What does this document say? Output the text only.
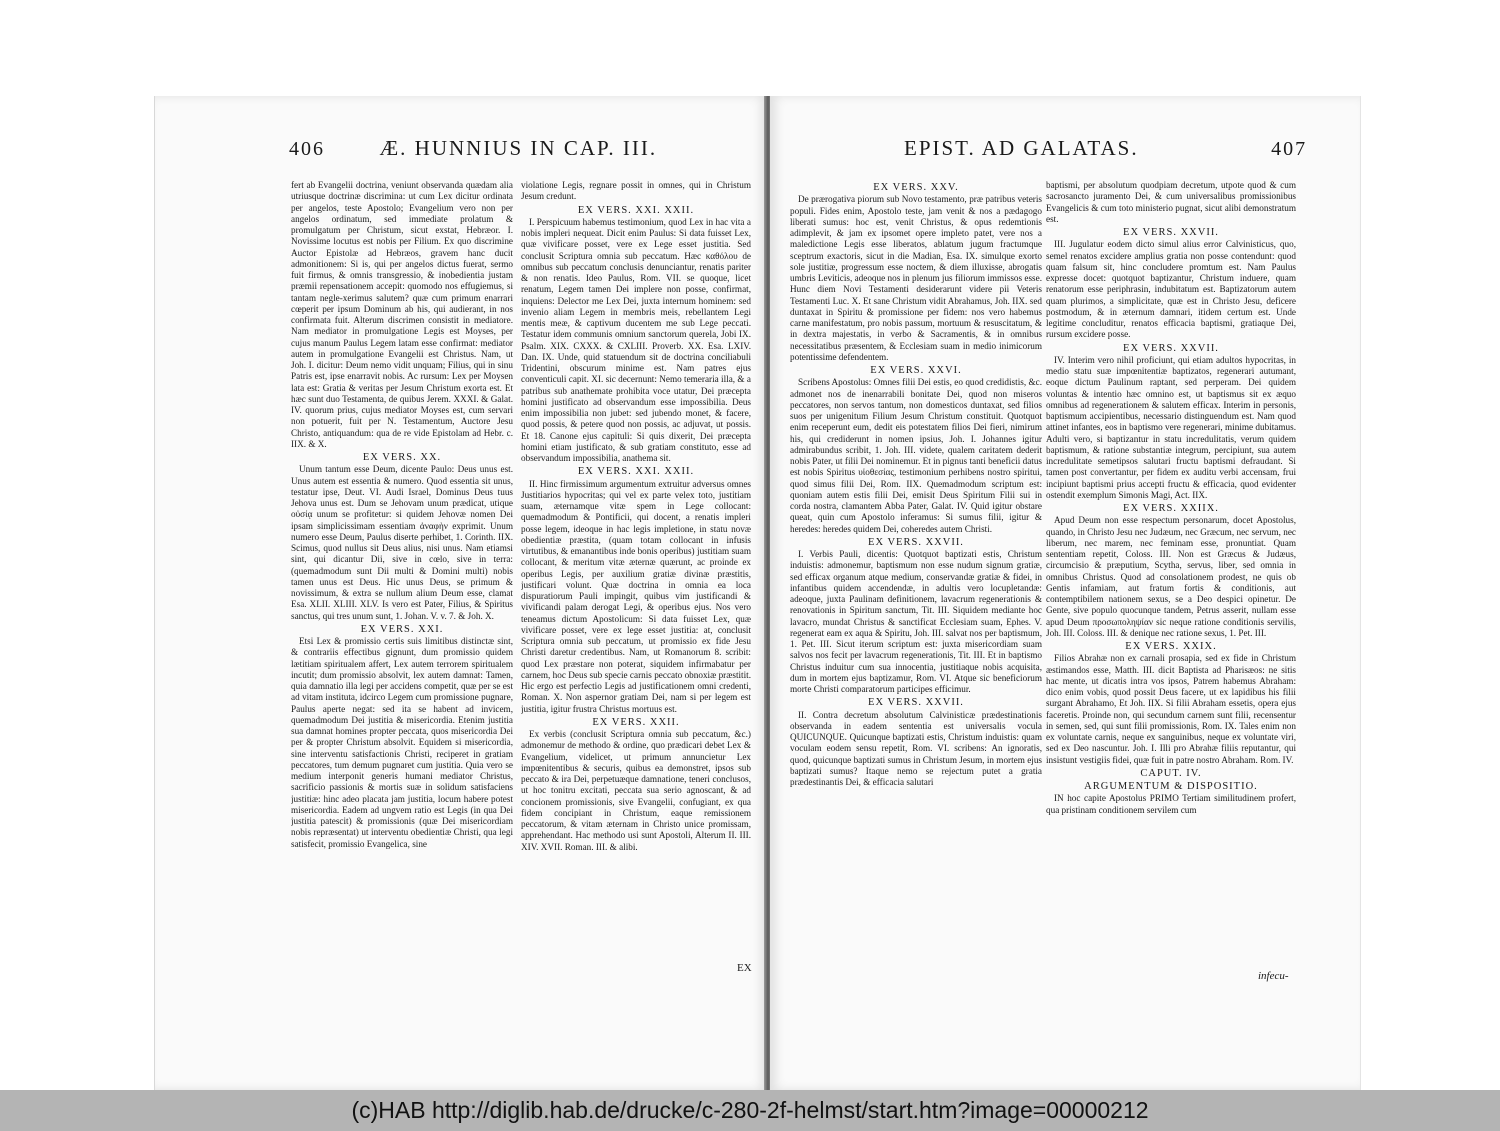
406	Æ. HUNNIUS IN CAP. III.

fert ab Evangelii doctrina, veniunt observanda quædam alia utriusque doctrinæ discrimina: ut cum Lex dicitur ordinata per angelos, teste Apostolo; Evangelium vero non per angelos ordinatum, sed immediate prolatum & promulgatum per Christum, sicut exstat, Hebræor. I. Novissime locutus est nobis per Filium. Ex quo discrimine Auctor Epistolæ ad Hebræos, gravem hanc ducit admonitionem: Si is, qui per angelos dictus fuerat, sermo fuit firmus, & omnis transgressio, & inobedientia justam præmii repensationem accepit: quomodo nos effugiemus, si tantam negle-xerimus salutem? quæ cum primum enarrari cœperit per ipsum Dominum ab his, qui audierant, in nos confirmata fuit. Alterum discrimen consistit in mediatore. Nam mediator in promulgatione Legis est Moyses, per cujus manum Paulus Legem latam esse confirmat: mediator autem in promulgatione Evangelii est Christus. Nam, ut Joh. I. dicitur: Deum nemo vidit unquam; Filius, qui in sinu Patris est, ipse enarravit nobis. Ac rursum: Lex per Moysen lata est: Gratia & veritas per Jesum Christum exorta est. Et hæc sunt duo Testamenta, de quibus Jerem. XXXI. & Galat. IV. quorum prius, cujus mediator Moyses est, cum servari non potuerit, fuit per N. Testamentum, Auctore Jesu Christo, antiquandum: qua de re vide Epistolam ad Hebr. c. IIX. & X.

EX VERS. XX.

Unum tantum esse Deum, dicente Paulo: Deus unus est. Unus autem est essentia & numero. Quod essentia sit unus, testatur ipse, Deut. VI. Audi Israel, Dominus Deus tuus Jehova unus est. Dum se Jehovam unum prædicat, utique οὐσίᾳ unum se profitetur: si quidem Jehovæ nomen Dei ipsam simplicissimam essentiam ἀναφὴν exprimit. Unum numero esse Deum, Paulus diserte perhibet, 1. Corinth. IIX. Scimus, quod nullus sit Deus alius, nisi unus. Nam etiamsi sint, qui dicantur Dii, sive in cœlo, sive in terra: (quemadmodum sunt Dii multi & Domini multi) nobis tamen unus est Deus. Hic unus Deus, se primum & novissimum, & extra se nullum alium Deum esse, clamat Esa. XLII. XLIII. XLV. Is vero est Pater, Filius, & Spiritus sanctus, qui tres unum sunt, 1. Johan. V. v. 7. & Joh. X.

EX VERS. XXI.

Etsi Lex & promissio certis suis limitibus distinctæ sint, & contrariis effectibus gignunt, dum promissio quidem lætitiam spiritualem affert, Lex autem terrorem spiritualem incutit; dum promissio absolvit, lex autem damnat: Tamen, quia damnatio illa legi per accidens competit, quæ per se est ad vitam instituta, idcirco Legem cum promissione pugnare, Paulus aperte negat: sed ita se habent ad invicem, quemadmodum Dei justitia & misericordia. Etenim justitia sua damnat homines propter peccata, quos misericordia Dei per & propter Christum absolvit. Equidem si misericordia, sine interventu satisfactionis Christi, reciperet in gratiam peccatores, tum demum pugnaret cum justitia. Quia vero se medium interponit generis humani mediator Christus, sacrificio passionis & mortis suæ in solidum satisfaciens justitiæ: hinc adeo placata jam justitia, locum habere potest misericordia. Eadem ad ungvem ratio est Legis (in qua Dei justitia patescit) & promissionis (quæ Dei misericordiam nobis repræsentat) ut interventu obedientiæ Christi, qua legi satisfecit, promissio Evangelica, sine

violatione Legis, regnare possit in omnes, qui in Christum Jesum credunt.

EX VERS. XXI. XXII.

I. Perspicuum habemus testimonium, quod Lex in hac vita a nobis impleri nequeat. Dicit enim Paulus: Si data fuisset Lex, quæ vivificare posset, vere ex Lege esset justitia. Sed conclusit Scriptura omnia sub peccatum. Hæc καθόλου de omnibus sub peccatum conclusis denunciantur, renatis pariter & non renatis. Ideo Paulus, Rom. VII. se quoque, licet renatum, Legem tamen Dei implere non posse, confirmat, inquiens: Delector me Lex Dei, juxta internum hominem: sed invenio aliam Legem in membris meis, rebellantem Legi mentis meæ, & captivum ducentem me sub Lege peccati. Testatur idem communis omnium sanctorum querela, Jobi IX. Psalm. XIX. CXXX. & CXLIII. Proverb. XX. Esa. LXIV. Dan. IX. Unde, quid statuendum sit de doctrina conciliabuli Tridentini, obscurum minime est. Nam patres ejus conventiculi capit. XI. sic decernunt: Nemo temeraria illa, & a patribus sub anathemate prohibita voce utatur, Dei præcepta homini justificato ad observandum esse impossibilia. Deus enim impossibilia non jubet: sed jubendo monet, & facere, quod possis, & petere quod non possis, ac adjuvat, ut possis. Et 18. Canone ejus capituli: Si quis dixerit, Dei præcepta homini etiam justificato, & sub gratiam constituto, esse ad observandum impossibilia, anathema sit.

EX VERS. XXI. XXII.

II. Hinc firmissimum argumentum extruitur adversus omnes Justitiarios hypocritas; qui vel ex parte velex toto, justitiam suam, æternamque vitæ spem in Lege collocant: quemadmodum & Pontificii, qui docent, a renatis impleri posse legem, ideoque in hac legis impletione, in statu novæ obedientiæ præstita, (quam totam collocant in infusis virtutibus, & emanantibus inde bonis operibus) justitiam suam collocant, & meritum vitæ æternæ quærunt, ac proinde ex operibus Legis, per auxilium gratiæ divinæ præstitis, justificari volunt. Quæ doctrina in omnia ea loca dispuratiorum Pauli impingit, quibus vim justificandi & vivificandi palam derogat Legi, & operibus ejus. Nos vero teneamus dictum Apostolicum: Si data fuisset Lex, quæ vivificare posset, vere ex lege esset justitia: at, conclusit Scriptura omnia sub peccatum, ut promissio ex fide Jesu Christi daretur credentibus. Nam, ut Romanorum 8. scribit: quod Lex præstare non poterat, siquidem infirmabatur per carnem, hoc Deus sub specie carnis peccato obnoxiæ præstitit. Hic ergo est perfectio Legis ad justificationem omni credenti, Roman. X. Non aspernor gratiam Dei, nam si per legem est justitia, igitur frustra Christus mortuus est.

EX VERS. XXII.

Ex verbis (conclusit Scriptura omnia sub peccatum, &c.) admonemur de methodo & ordine, quo prædicari debet Lex & Evangelium, videlicet, ut primum annuncietur Lex impœnitentibus & securis, quibus ea demonstret, ipsos sub peccato & ira Dei, perpetuæque damnatione, teneri conclusos, ut hoc tonitru excitati, peccata sua serio agnoscant, & ad concionem promissionis, sive Evangelii, confugiant, ex qua fidem concipiant in Christum, eaque remissionem peccatorum, & vitam æternam in Christo unice promissam, apprehendant. Hac methodo usi sunt Apostoli, Alterum II. III. XIV. XVII. Roman. III. & alibi.

EX
EPIST. AD GALATAS.	407

EX VERS. XXV.

De prærogativa piorum sub Novo testamento, præ patribus veteris populi. Fides enim, Apostolo teste, jam venit & nos a pædagogo liberati sumus: hoc est, venit Christus, & opus redemtionis adimplevit, & jam ex ipsomet opere impleto patet, vere nos a maledictione Legis esse liberatos, ablatum jugum fractumque sceptrum exactoris, sicut in die Madian, Esa. IX. simulque exorto sole justitiæ, progressum esse noctem, & diem illuxisse, abrogatis umbris Leviticis, adeoque nos in plenum jus filiorum immissos esse. Hunc diem Novi Testamenti desiderarunt videre pii Veteris Testamenti Luc. X. Et sane Christum vidit Abrahamus, Joh. IIX. sed duntaxat in Spiritu & promissione per fidem: nos vero habemus carne manifestatum, pro nobis passum, mortuum & resuscitatum, & in dextra majestatis, in verbo & Sacramentis, & in omnibus necessitatibus præsentem, & Ecclesiam suam in medio inimicorum potentissime defendentem.

EX VERS. XXVI.

Scribens Apostolus: Omnes filii Dei estis, eo quod credidistis, &c. admonet nos de inenarrabili bonitate Dei, quod non miseros peccatores, non servos tantum, non domesticos duntaxat, sed filios suos per unigenitum Filium Jesum Christum constituit. Quotquot enim receperunt eum, dedit eis potestatem filios Dei fieri, nimirum his, qui crediderunt in nomen ipsius, Joh. I. Johannes igitur admirabundus scribit, 1. Joh. III. videte, qualem caritatem dederit nobis Pater, ut filii Dei nominemur. Et in pignus tanti beneficii datus est nobis Spiritus υἱοθεσίας, testimonium perhibens nostro spiritui, quod simus filii Dei, Rom. IIX. Quemadmodum scriptum est: quoniam autem estis filii Dei, emisit Deus Spiritum Filii sui in corda nostra, clamantem Abba Pater, Galat. IV. Quid igitur obstare queat, quin cum Apostolo inferamus: Si sumus filii, igitur & heredes: heredes quidem Dei, coheredes autem Christi.

EX VERS. XXVII.

I. Verbis Pauli, dicentis: Quotquot baptizati estis, Christum induistis: admonemur, baptismum non esse nudum signum gratiæ, sed efficax organum atque medium, conservandæ gratiæ & fidei, in infantibus quidem accendendæ, in adultis vero locupletandæ: adeoque, juxta Paulinam definitionem, lavacrum regenerationis & renovationis in Spiritum sanctum, Tit. III. Siquidem mediante hoc lavacro, mundat Christus & sanctificat Ecclesiam suam, Ephes. V. regenerat eam ex aqua & Spiritu, Joh. III. salvat nos per baptismum, 1. Pet. III. Sicut iterum scriptum est: juxta misericordiam suam salvos nos fecit per lavacrum regenerationis, Tit. III. Et in baptismo Christus induitur cum sua innocentia, justitiaque nobis acquisita, dum in mortem ejus baptizamur, Rom. VI. Atque sic beneficiorum morte Christi comparatorum participes efficimur.

EX VERS. XXVII.

II. Contra decretum absolutum Calvinisticæ prædestinationis observanda in eadem sententia est universalis vocula QUICUNQUE. Quicunque baptizati estis, Christum induistis: quam voculam eodem sensu repetit, Rom. VI. scribens: An ignoratis, quod, quicunque baptizati sumus in Christum Jesum, in mortem ejus baptizati sumus? Itaque nemo se rejectum putet a gratia prædestinantis Dei, & efficacia salutari

baptismi, per absolutum quodpiam decretum, utpote quod & cum sacrosancto juramento Dei, & cum universalibus promissionibus Evangelicis & cum toto ministerio pugnat, sicut alibi demonstratum est.

EX VERS. XXVII.

III. Jugulatur eodem dicto simul alius error Calvinisticus, quo, semel renatos excidere amplius gratia non posse contendunt: quod quam falsum sit, hinc concludere promtum est. Nam Paulus expresse docet: quotquot baptizantur, Christum induere, quam renatorum esse periphrasin, indubitatum est. Baptizatorum autem quam plurimos, a simplicitate, quæ est in Christo Jesu, deficere postmodum, & in æternum damnari, itidem certum est. Unde legitime concluditur, renatos efficacia baptismi, gratiaque Dei, rursum excidere posse.

EX VERS. XXVII.

IV. Interim vero nihil proficiunt, qui etiam adultos hypocritas, in medio statu suæ impœnitentiæ baptizatos, regenerari autumant, eoque dictum Paulinum raptant, sed perperam. Dei quidem voluntas & intentio hæc omnino est, ut baptismus sit ex æquo omnibus ad regenerationem & salutem efficax. Interim in personis, baptismum accipientibus, necessario distinguendum est. Nam quod attinet infantes, eos in baptismo vere regenerari, minime dubitamus. Adulti vero, si baptizantur in statu incredulitatis, verum quidem baptismum, & ratione substantiæ integrum, percipiunt, sua autem incredulitate semetipsos salutari fructu baptismi defraudant. Si tamen post convertantur, per fidem ex auditu verbi accensam, frui incipiunt baptismi prius accepti fructu & efficacia, quod evidenter ostendit exemplum Simonis Magi, Act. IIX.

EX VERS. XXIIX.

Apud Deum non esse respectum personarum, docet Apostolus, quando, in Christo Jesu nec Judæum, nec Græcum, nec servum, nec liberum, nec marem, nec feminam esse, pronuntiat. Quam sententiam repetit, Coloss. III. Non est Græcus & Judæus, circumcisio & præputium, Scytha, servus, liber, sed omnia in omnibus Christus. Quod ad consolationem prodest, ne quis ob Gentis infamiam, aut fratum fortis & conditionis, aut contemptibilem nationem sexus, se a Deo despici opinetur. De Gente, sive populo quocunque tandem, Petrus asserit, nullam esse apud Deum προσωποληψίαν sic neque ratione conditionis servilis, Joh. III. Coloss. III. & denique nec ratione sexus, 1. Pet. III.

EX VERS. XXIX.

Filios Abrahæ non ex carnali prosapia, sed ex fide in Christum æstimandos esse, Matth. III. dicit Baptista ad Pharisæos: ne sitis hac mente, ut dicatis intra vos ipsos, Patrem habemus Abraham: dico enim vobis, quod possit Deus facere, ut ex lapidibus his filii surgant Abrahamo, Et Joh. IIX. Si filii Abraham essetis, opera ejus faceretis. Proinde non, qui secundum carnem sunt filii, recensentur in semen, sed, qui sunt filii promissionis, Rom. IX. Tales enim non ex voluntate carnis, neque ex sanguinibus, neque ex voluntate viri, sed ex Deo nascuntur. Joh. I. Illi pro Abrahæ filiis reputantur, qui insistunt vestigiis fidei, quæ fuit in patre nostro Abraham. Rom. IV.

CAPUT. IV.

ARGUMENTUM & DISPOSITIO.

IN hoc capite Apostolus PRIMO Tertiam similitudinem profert, qua pristinam conditionem servilem cum

infecu-
(c)HAB http://diglib.hab.de/drucke/c-280-2f-helmst/start.htm?image=00000212
